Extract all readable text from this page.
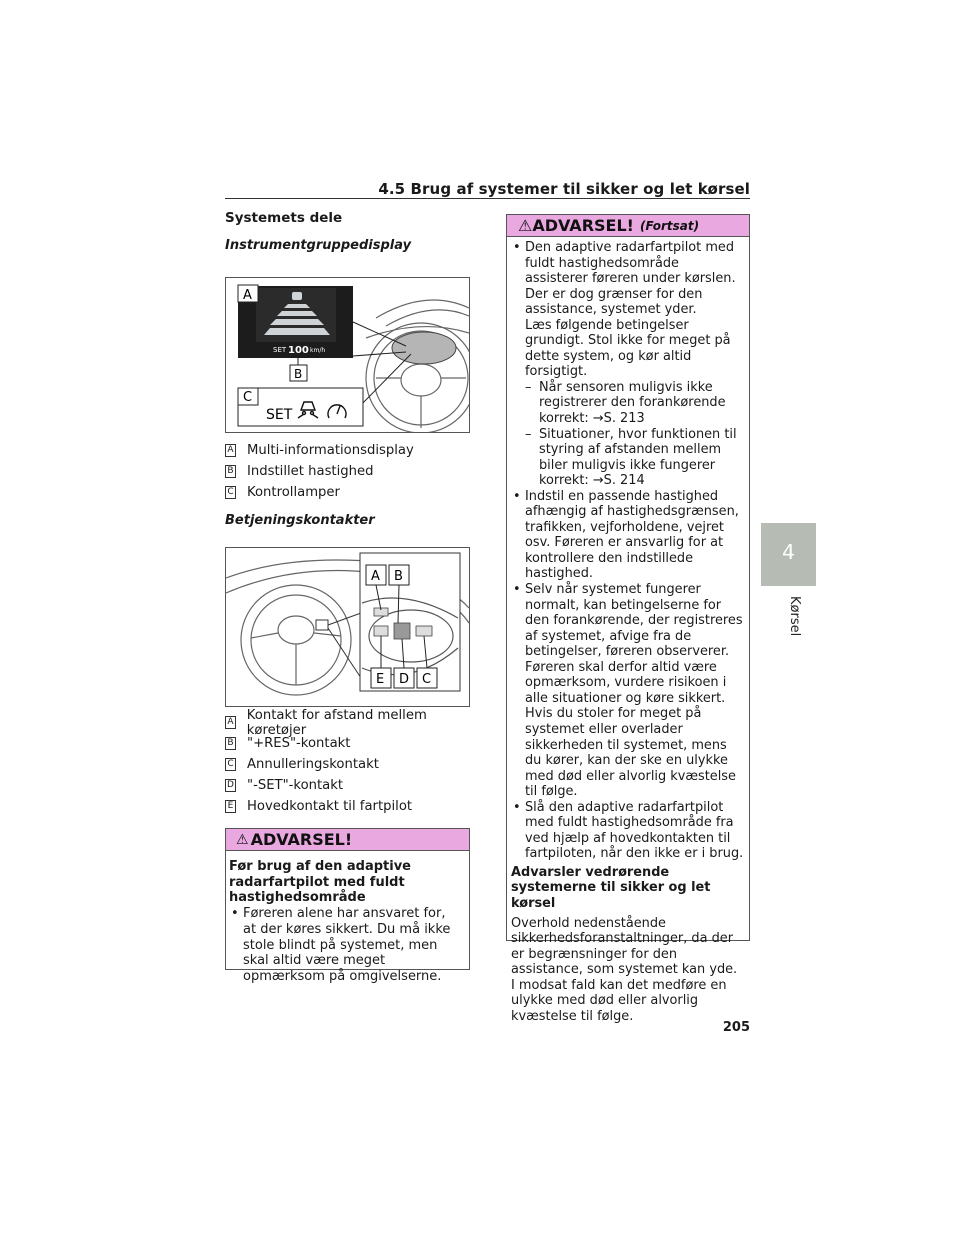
4.5 Brug af systemer til sikker og let kørsel
4
Kørsel
Systemets dele
Instrumentgruppedisplay
SET 100 km/h
A
B
C
SET
A Multi-informationsdisplay
B Indstillet hastighed
C Kontrollamper
Betjeningskontakter
A B
E D C
A Kontakt for afstand mellem køretøjer
B "+RES"-kontakt
C Annulleringskontakt
D "-SET"-kontakt
E Hovedkontakt til fartpilot
⚠ ADVARSEL!
Før brug af den adaptive radarfartpilot med fuldt hastighedsområde
• Føreren alene har ansvaret for, at der køres sikkert. Du må ikke stole blindt på systemet, men skal altid være meget opmærksom på omgivelserne.
⚠ ADVARSEL! (Fortsat)
• Den adaptive radarfartpilot med fuldt hastighedsområde assisterer føreren under kørslen. Der er dog grænser for den assistance, systemet yder.
Læs følgende betingelser grundigt. Stol ikke for meget på dette system, og kør altid forsigtigt.
– Når sensoren muligvis ikke registrerer den forankørende korrekt: →S. 213
– Situationer, hvor funktionen til styring af afstanden mellem biler muligvis ikke fungerer korrekt: →S. 214
• Indstil en passende hastighed afhængig af hastighedsgrænsen, trafikken, vejforholdene, vejret osv. Føreren er ansvarlig for at kontrollere den indstillede hastighed.
• Selv når systemet fungerer normalt, kan betingelserne for den forankørende, der registreres af systemet, afvige fra de betingelser, føreren observerer. Føreren skal derfor altid være opmærksom, vurdere risikoen i alle situationer og køre sikkert. Hvis du stoler for meget på systemet eller overlader sikkerheden til systemet, mens du kører, kan der ske en ulykke med død eller alvorlig kvæstelse til følge.
• Slå den adaptive radarfartpilot med fuldt hastighedsområde fra ved hjælp af hovedkontakten til fartpiloten, når den ikke er i brug.
Advarsler vedrørende systemerne til sikker og let kørsel
Overhold nedenstående sikkerhedsforanstaltninger, da der er begrænsninger for den assistance, som systemet kan yde. I modsat fald kan det medføre en ulykke med død eller alvorlig kvæstelse til følge.
205
